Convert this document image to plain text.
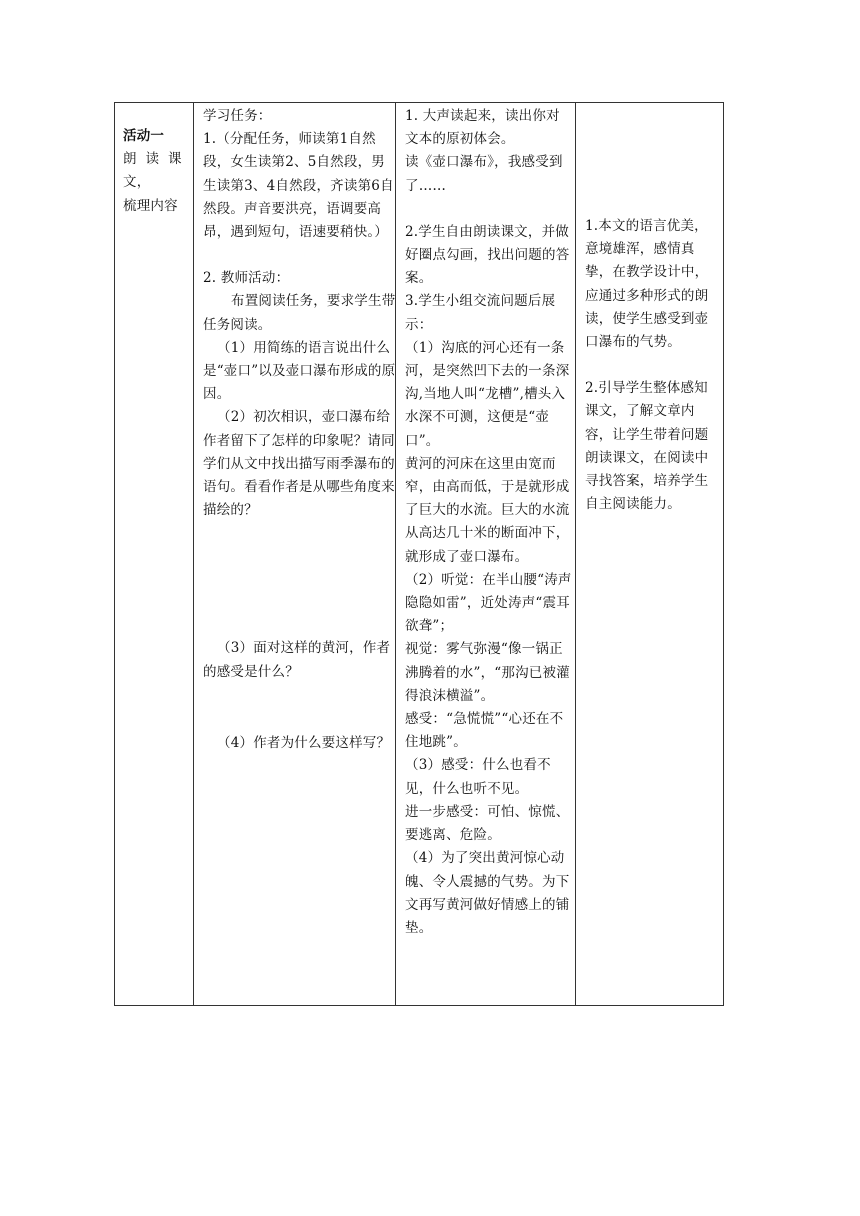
活动一

朗读课

文，

梳理内容

学习任务：

1.（分配任务，师读第1自然段，女生读第2、5自然段，男生读第3、4自然段，齐读第6自然段。声音要洪亮，语调要高昂，遇到短句，语速要稍快。）

2. 教师活动：

布置阅读任务，要求学生带任务阅读。

（1）用简练的语言说出什么是“壶口”以及壶口瀑布形成的原因。

（2）初次相识，壶口瀑布给作者留下了怎样的印象呢？请同学们从文中找出描写雨季瀑布的语句。看看作者是从哪些角度来描绘的？

（3）面对这样的黄河，作者的感受是什么？

（4）作者为什么要这样写？

1. 大声读起来，读出你对文本的原初体会。

读《壶口瀑布》，我感受到了……

2.学生自由朗读课文，并做好圈点勾画，找出问题的答案。

3.学生小组交流问题后展示：

（1）沟底的河心还有一条河，是突然凹下去的一条深沟,当地人叫“龙槽”,槽头入水深不可测，这便是“壶口”。

黄河的河床在这里由宽而窄，由高而低，于是就形成了巨大的水流。巨大的水流从高达几十米的断面冲下，就形成了壶口瀑布。

（2）听觉：在半山腰“涛声隐隐如雷”，近处涛声“震耳欲聋”；

视觉：雾气弥漫“像一锅正沸腾着的水”，“那沟已被灌得浪沫横溢”。

感受：“急慌慌”“心还在不住地跳”。

（3）感受：什么也看不见，什么也听不见。

进一步感受：可怕、惊慌、要逃离、危险。

（4）为了突出黄河惊心动魄、令人震撼的气势。为下文再写黄河做好情感上的铺垫。

1.本文的语言优美，意境雄浑，感情真挚，在教学设计中，应通过多种形式的朗读，使学生感受到壶口瀑布的气势。

2.引导学生整体感知课文，了解文章内容，让学生带着问题朗读课文，在阅读中寻找答案，培养学生自主阅读能力。
